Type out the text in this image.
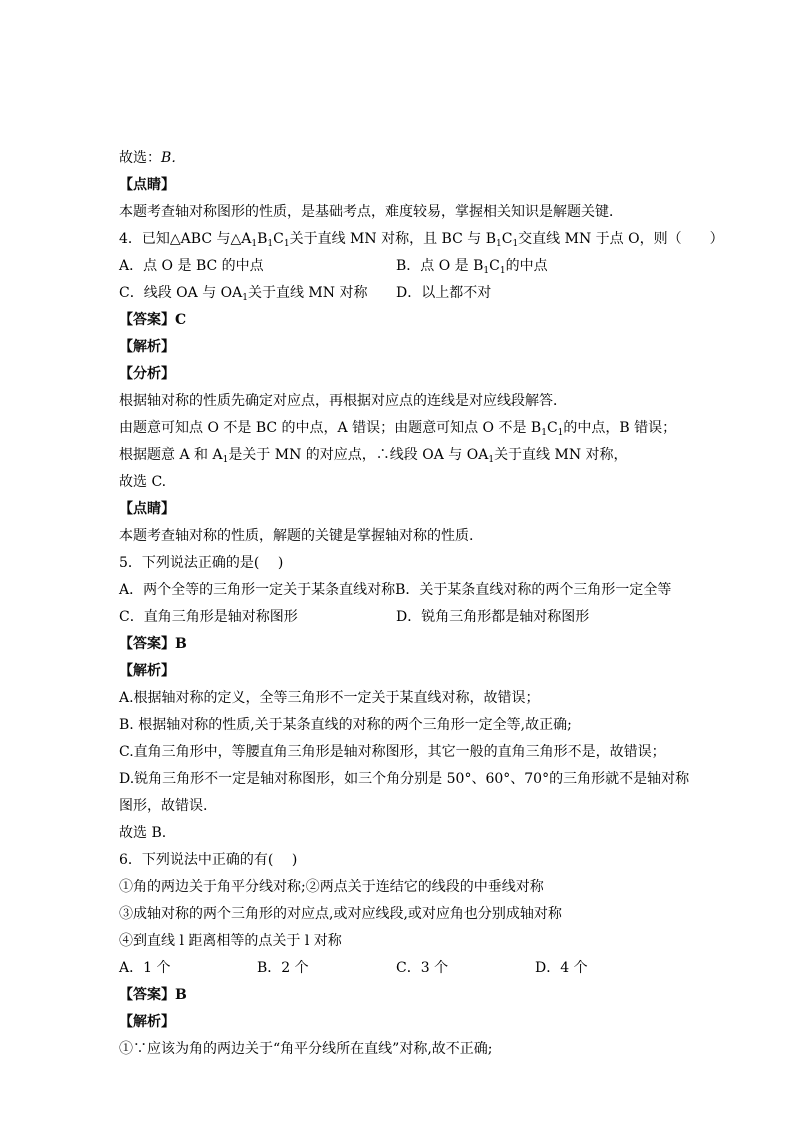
故选：B．
【点睛】
本题考查轴对称图形的性质，是基础考点，难度较易，掌握相关知识是解题关键．
4．已知△ABC 与$\triangle A_1B_1C_1$关于直线 MN 对称，且 BC 与 $B_1C_1$交直线 MN 于点 O，则（　　）
A．点 O 是 BC 的中点	B．点 O 是 $B_1C_1$的中点
C．线段 OA 与 $OA_1$关于直线 MN 对称 D．以上都不对
【答案】C
【解析】
【分析】
根据轴对称的性质先确定对应点，再根据对应点的连线是对应线段解答．
由题意可知点 O 不是 BC 的中点，A 错误；由题意可知点 O 不是 $B_1C_1$的中点，B 错误；
根据题意 A 和 $A_1$是关于 MN 的对应点，∴线段 OA 与 $OA_1$关于直线 MN 对称，
故选 C.
【点睛】
本题考查轴对称的性质，解题的关键是掌握轴对称的性质.
5．下列说法正确的是(　 )
A．两个全等的三角形一定关于某条直线对称B．关于某条直线对称的两个三角形一定全等
C．直角三角形是轴对称图形	D．锐角三角形都是轴对称图形
【答案】B
【解析】
A.根据轴对称的定义，全等三角形不一定关于某直线对称，故错误；
B. 根据轴对称的性质,关于某条直线的对称的两个三角形一定全等,故正确;
C.直角三角形中，等腰直角三角形是轴对称图形，其它一般的直角三角形不是，故错误；
D.锐角三角形不一定是轴对称图形，如三个角分别是 50°、60°、70°的三角形就不是轴对称
图形，故错误.
故选 B.
6．下列说法中正确的有(　 )
①角的两边关于角平分线对称;②两点关于连结它的线段的中垂线对称
③成轴对称的两个三角形的对应点,或对应线段,或对应角也分别成轴对称
④到直线 l 距离相等的点关于 l 对称
A．1 个	B．2 个	C．3 个	D．4 个
【答案】B
【解析】
①∵应该为角的两边关于“角平分线所在直线”对称,故不正确;
